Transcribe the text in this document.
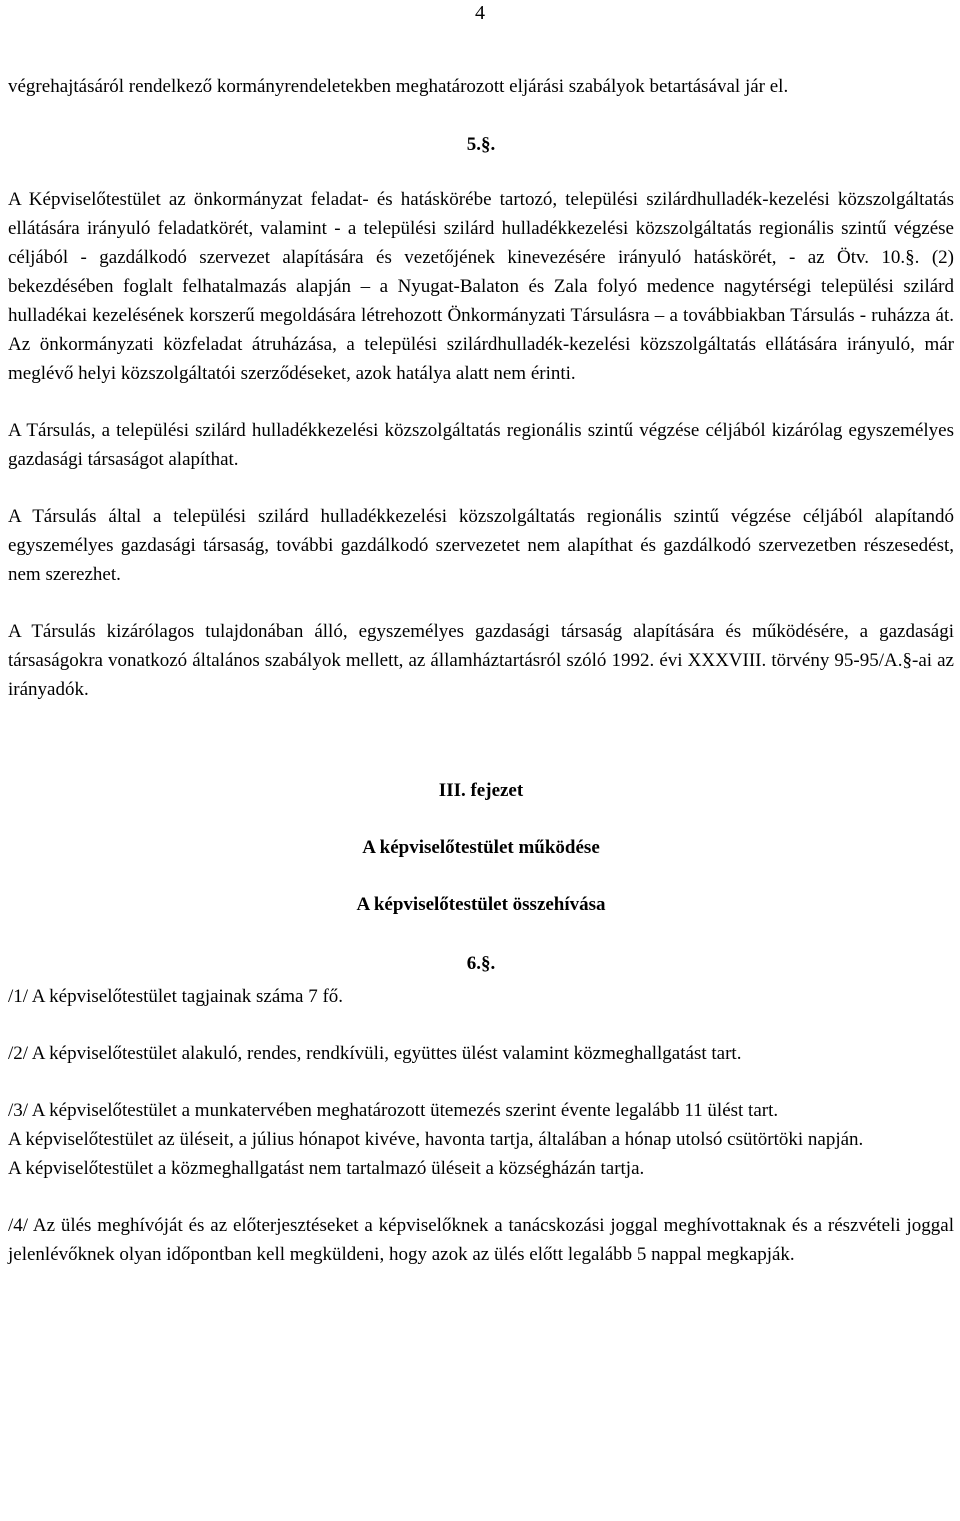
4

végrehajtásáról rendelkező kormányrendeletekben meghatározott eljárási szabályok betartásával jár el.

5.§.

A Képviselőtestület az önkormányzat feladat- és hatáskörébe tartozó, települési szilárdhulladék-kezelési közszolgáltatás ellátására irányuló feladatkörét, valamint - a települési szilárd hulladékkezelési közszolgáltatás regionális szintű végzése céljából - gazdálkodó szervezet alapítására és vezetőjének kinevezésére irányuló hatáskörét, - az Ötv. 10.§. (2) bekezdésében foglalt felhatalmazás alapján – a Nyugat-Balaton és Zala folyó medence nagytérségi települési szilárd hulladékai kezelésének korszerű megoldására létrehozott Önkormányzati Társulásra – a továbbiakban Társulás - ruházza át. Az önkormányzati közfeladat átruházása, a települési szilárdhulladék-kezelési közszolgáltatás ellátására irányuló, már meglévő helyi közszolgáltatói szerződéseket, azok hatálya alatt nem érinti.

A Társulás, a települési szilárd hulladékkezelési közszolgáltatás regionális szintű végzése céljából kizárólag egyszemélyes gazdasági társaságot alapíthat.

A Társulás által a települési szilárd hulladékkezelési közszolgáltatás regionális szintű végzése céljából alapítandó egyszemélyes gazdasági társaság, további gazdálkodó szervezetet nem alapíthat és gazdálkodó szervezetben részesedést, nem szerezhet.

A Társulás kizárólagos tulajdonában álló, egyszemélyes gazdasági társaság alapítására és működésére, a gazdasági társaságokra vonatkozó általános szabályok mellett, az államháztartásról szóló 1992. évi XXXVIII. törvény 95-95/A.§-ai az irányadók.

III. fejezet
A képviselőtestület működése
A képviselőtestület összehívása
6.§.

/1/ A képviselőtestület tagjainak száma 7 fő.

/2/ A képviselőtestület alakuló, rendes, rendkívüli, együttes ülést valamint közmeghallgatást tart.

/3/ A képviselőtestület a munkatervében meghatározott ütemezés szerint évente legalább 11 ülést tart.

A képviselőtestület az üléseit, a július hónapot kivéve, havonta tartja, általában a hónap utolsó csütörtöki napján.

A képviselőtestület a közmeghallgatást nem tartalmazó üléseit a községházán tartja.

/4/ Az ülés meghívóját és az előterjesztéseket a képviselőknek a tanácskozási joggal meghívottaknak és a részvételi joggal jelenlévőknek olyan időpontban kell megküldeni, hogy azok az ülés előtt legalább 5 nappal megkapják.
